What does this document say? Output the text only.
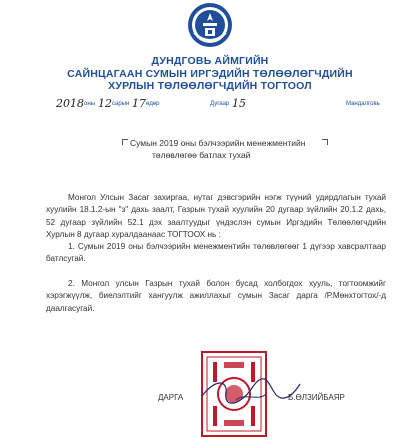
ДУНДГОВЬ АЙМГИЙН
САЙНЦАГААН СУМЫН ИРГЭДИЙН ТӨЛӨӨЛӨГЧДИЙН
ХУРЛЫН ТӨЛӨӨЛӨГЧДИЙН ТОГТООЛ
2018 оны 12 сарын 17 өдөр	Дугаар 15	Мандалговь
Сумын 2019 оны бэлчээрийн менежментийн
төлөвлөгөө батлах тухай
Монгол Улсын Засаг захиргаа, нутаг дэвсгэрийн нэгж түүний удирдлагын тухай хуулийн 18.1.2-ын "з" дахь заалт, Газрын тухай хуулийн 20 дугаар зүйлийн 20.1.2 дахь, 52 дугаар зүйлийн 52.1 дэх заалтуудыг үндэслэн сумын Иргэдийн Төлөөлөгчдийн Хурлын 8 дугаар хуралдаанаас ТОГТООХ нь :
1. Сумын 2019 оны бэлчээрийн менежментийн төлөвлөгөөг 1 дүгээр хавсралтаар батлсугай.
2. Монгол улсын Газрын тухай болон бусад холбогдох хууль, тогтоомжийг хэрэгжүүлж, биелэлтийг хангуулж ажиллахыг сумын Засаг дарга /Р.Мөнхтогтох/-д даалгасугай.
ДАРГА	Б.ӨЛЗИЙБАЯР
